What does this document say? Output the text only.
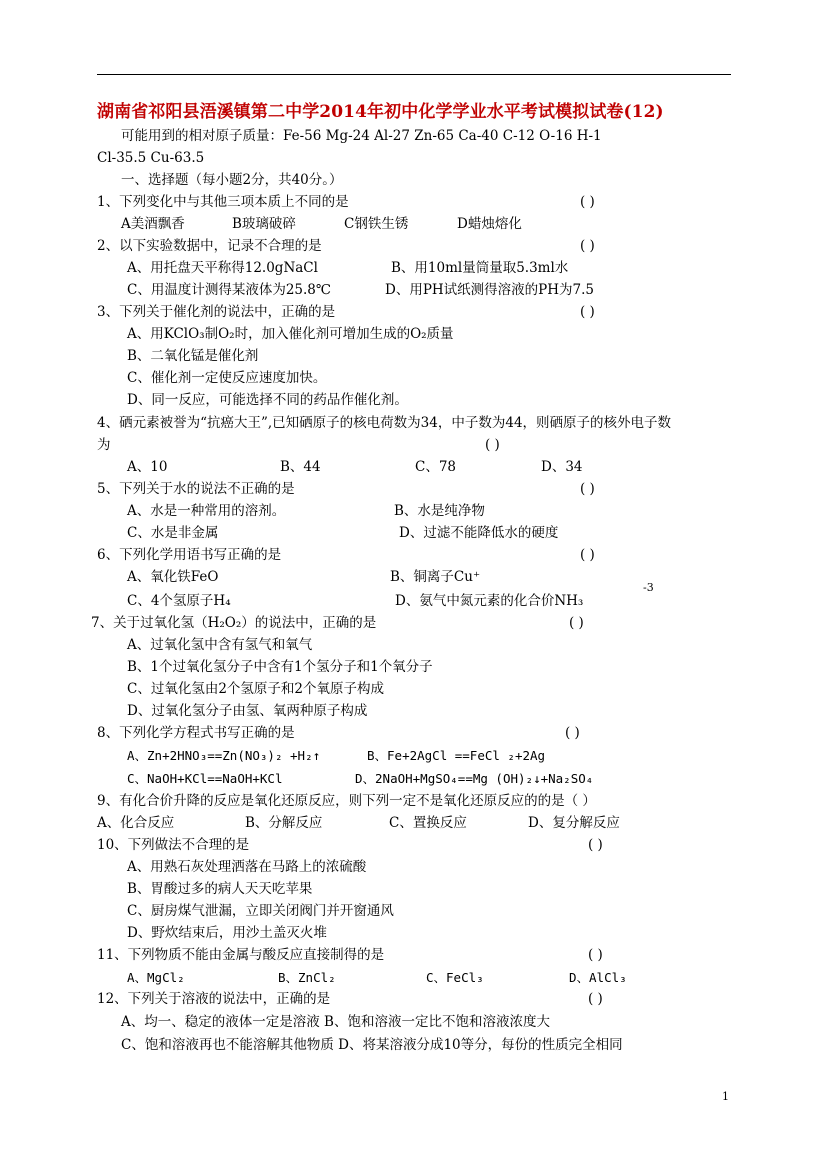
湖南省祁阳县浯溪镇第二中学2014年初中化学学业水平考试模拟试卷(12)
可能用到的相对原子质量：Fe-56 Mg-24 Al-27 Zn-65 Ca-40 C-12 O-16 H-1
Cl-35.5 Cu-63.5
一、选择题（每小题2分，共40分。）
1、下列变化中与其他三项本质上不同的是	( )
A美酒飘香	B玻璃破碎	C钢铁生锈	D蜡烛熔化
2、以下实验数据中，记录不合理的是	( )
A、用托盘天平称得12.0gNaCl	B、用10ml量筒量取5.3ml水
C、用温度计测得某液体为25.8℃	D、用PH试纸测得溶液的PH为7.5
3、下列关于催化剂的说法中，正确的是	( )
A、用KClO₃制O₂时，加入催化剂可增加生成的O₂质量
B、二氧化锰是催化剂
C、催化剂一定使反应速度加快。
D、同一反应，可能选择不同的药品作催化剂。
4、硒元素被誉为“抗癌大王”,已知硒原子的核电荷数为34，中子数为44，则硒原子的核外电子数
为	( )
A、10	B、44	C、78	D、34
5、下列关于水的说法不正确的是	( )
A、水是一种常用的溶剂。	B、水是纯净物
C、水是非金属	D、过滤不能降低水的硬度
6、下列化学用语书写正确的是	( )
A、氧化铁FeO	B、铜离子Cu⁺
-3
C、4个氢原子H₄	D、氨气中氮元素的化合价NH₃
7、关于过氧化氢（H₂O₂）的说法中，正确的是	( )
A、过氧化氢中含有氢气和氧气
B、1个过氧化氢分子中含有1个氢分子和1个氧分子
C、过氧化氢由2个氢原子和2个氧原子构成
D、过氧化氢分子由氢、氧两种原子构成
8、下列化学方程式书写正确的是	( )
A、Zn+2HNO₃==Zn(NO₃)₂ +H₂↑	B、Fe+2AgCl ==FeCl ₂+2Ag
C、NaOH+KCl==NaOH+KCl	D、2NaOH+MgSO₄==Mg (OH)₂↓+Na₂SO₄
9、有化合价升降的反应是氧化还原反应，则下列一定不是氧化还原反应的的是（ ）
A、化合反应	B、分解反应	C、置换反应	D、复分解反应
10、下列做法不合理的是	( )
A、用熟石灰处理洒落在马路上的浓硫酸
B、胃酸过多的病人天天吃苹果
C、厨房煤气泄漏，立即关闭阀门并开窗通风
D、野炊结束后，用沙土盖灭火堆
11、下列物质不能由金属与酸反应直接制得的是	( )
A、MgCl₂	B、ZnCl₂	C、FeCl₃	D、AlCl₃
12、下列关于溶液的说法中，正确的是	( )
A、均一、稳定的液体一定是溶液 B、饱和溶液一定比不饱和溶液浓度大
C、饱和溶液再也不能溶解其他物质 D、将某溶液分成10等分，每份的性质完全相同
1
